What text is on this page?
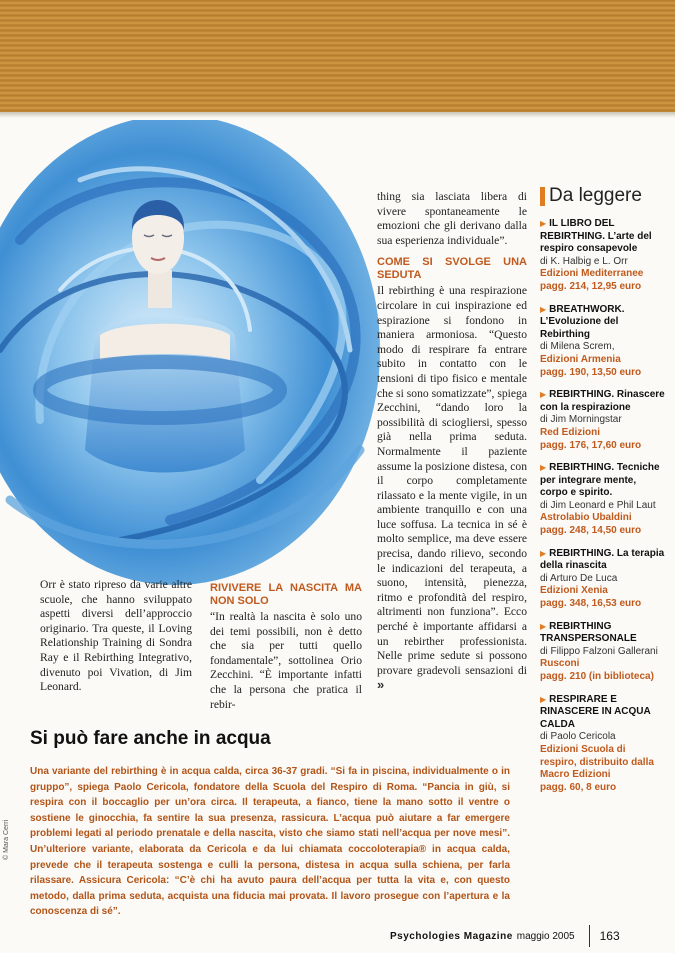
© Mara Cerri

Orr è stato ripreso da varie altre scuole, che hanno sviluppato aspetti diversi dell’approccio originario. Tra queste, il Loving Relationship Training di Sondra Ray e il Rebirthing Integrativo, divenuto poi Vivation, di Jim Leonard.

RIVIVERE LA NASCITA MA NON SOLO

“In realtà la nascita è solo uno dei temi possibili, non è detto che sia per tutti quello fondamentale”, sottolinea Orio Zecchini. “È importante infatti che la persona che pratica il rebir-

thing sia lasciata libera di vivere spontaneamente le emozioni che gli derivano dalla sua esperienza individuale”.

COME SI SVOLGE UNA SEDUTA

Il rebirthing è una respirazione circolare in cui inspirazione ed espirazione si fondono in maniera armoniosa. “Questo modo di respirare fa entrare subito in contatto con le tensioni di tipo fisico e mentale che si sono somatizzate”, spiega Zecchini, “dando loro la possibilità di sciogliersi, spesso già nella prima seduta. Normalmente il paziente assume la posizione distesa, con il corpo completamente rilassato e la mente vigile, in un ambiente tranquillo e con una luce soffusa. La tecnica in sé è molto semplice, ma deve essere precisa, dando rilievo, secondo le indicazioni del terapeuta, a suono, intensità, pienezza, ritmo e profondità del respiro, altrimenti non funziona”. Ecco perché è importante affidarsi a un rebirther professionista. Nelle prime sedute si possono provare gradevoli sensazioni di »

Da leggere
▶ IL LIBRO DEL REBIRTHING. L’arte del respiro consapevole
di K. Halbig e L. Orr
Edizioni Mediterranee
pagg. 214, 12,95 euro
▶ BREATHWORK. L’Evoluzione del Rebirthing
di Milena Screm,
Edizioni Armenia
pagg. 190, 13,50 euro
▶ REBIRTHING. Rinascere con la respirazione
di Jim Morningstar
Red Edizioni
pagg. 176, 17,60 euro
▶ REBIRTHING. Tecniche per integrare mente, corpo e spirito.
di Jim Leonard e Phil Laut
Astrolabio Ubaldini
pagg. 248, 14,50 euro
▶ REBIRTHING. La terapia della rinascita
di Arturo De Luca
Edizioni Xenia
pagg. 348, 16,53 euro
▶ REBIRTHING TRANSPERSONALE
di Filippo Falzoni Gallerani
Rusconi
pagg. 210 (in biblioteca)
▶ RESPIRARE E RINASCERE IN ACQUA CALDA
di Paolo Cericola
Edizioni Scuola di respiro, distribuito dalla Macro Edizioni
pagg. 60, 8 euro
Si può fare anche in acqua
Una variante del rebirthing è in acqua calda, circa 36-37 gradi. “Si fa in piscina, individualmente o in gruppo”, spiega Paolo Cericola, fondatore della Scuola del Respiro di Roma. “Pancia in giù, si respira con il boccaglio per un’ora circa. Il terapeuta, a fianco, tiene la mano sotto il ventre o sostiene le ginocchia, fa sentire la sua presenza, rassicura. L’acqua può aiutare a far emergere problemi legati al periodo prenatale e della nascita, visto che siamo stati nell’acqua per nove mesi”. Un’ulteriore variante, elaborata da Cericola e da lui chiamata coccoloterapia® in acqua calda, prevede che il terapeuta sostenga e culli la persona, distesa in acqua sulla schiena, per farla rilassare. Assicura Cericola: “C’è chi ha avuto paura dell’acqua per tutta la vita e, con questo metodo, dalla prima seduta, acquista una fiducia mai provata. Il lavoro prosegue con l’apertura e la conoscenza di sé”.
Psychologies Magazine maggio 2005 163
